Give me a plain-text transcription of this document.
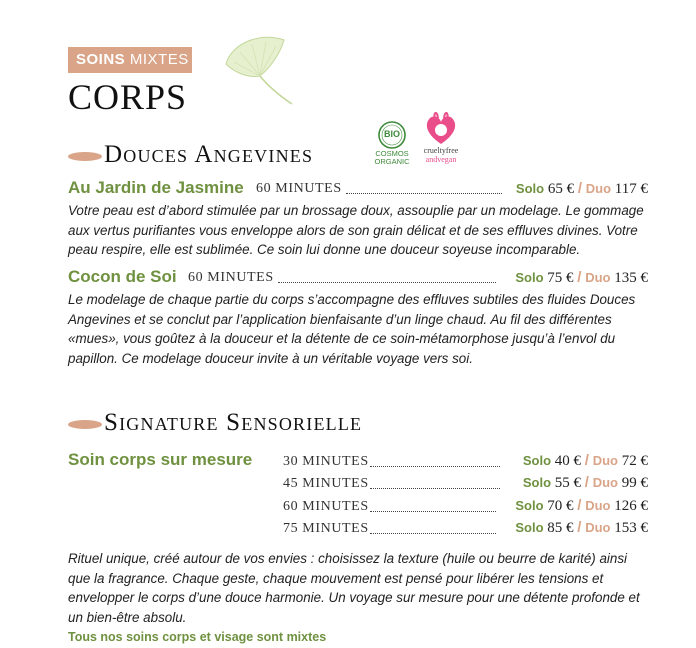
SOINS MIXTES
CORPS
BIO
COSMOS
ORGANIC
crueltyfree
andvegan
Douces Angevines
Au Jardin de Jasmine 60 MINUTES	Solo 65 € / Duo 117 €
Votre peau est d’abord stimulée par un brossage doux, assouplie par un modelage. Le gommage aux vertus purifiantes vous enveloppe alors de son grain délicat et de ses effluves divines. Votre peau respire, elle est sublimée. Ce soin lui donne une douceur soyeuse incomparable.
Cocon de Soi 60 MINUTES	Solo 75 € / Duo 135 €
Le modelage de chaque partie du corps s’accompagne des effluves subtiles des fluides Douces Angevines et se conclut par l’application bienfaisante d’un linge chaud. Au fil des différentes «mues», vous goûtez à la douceur et la détente de ce soin-métamorphose jusqu’à l’envol du papillon. Ce modelage douceur invite à un véritable voyage vers soi.
Signature Sensorielle
Soin corps sur mesure 30 MINUTES	Solo 40 € / Duo 72 €
45 MINUTES	Solo 55 € / Duo 99 €
60 MINUTES	Solo 70 € / Duo 126 €
75 MINUTES	Solo 85 € / Duo 153 €
Rituel unique, créé autour de vos envies : choisissez la texture (huile ou beurre de karité) ainsi que la fragrance. Chaque geste, chaque mouvement est pensé pour libérer les tensions et envelopper le corps d’une douce harmonie. Un voyage sur mesure pour une détente profonde et un bien-être absolu.
Tous nos soins corps et visage sont mixtes
